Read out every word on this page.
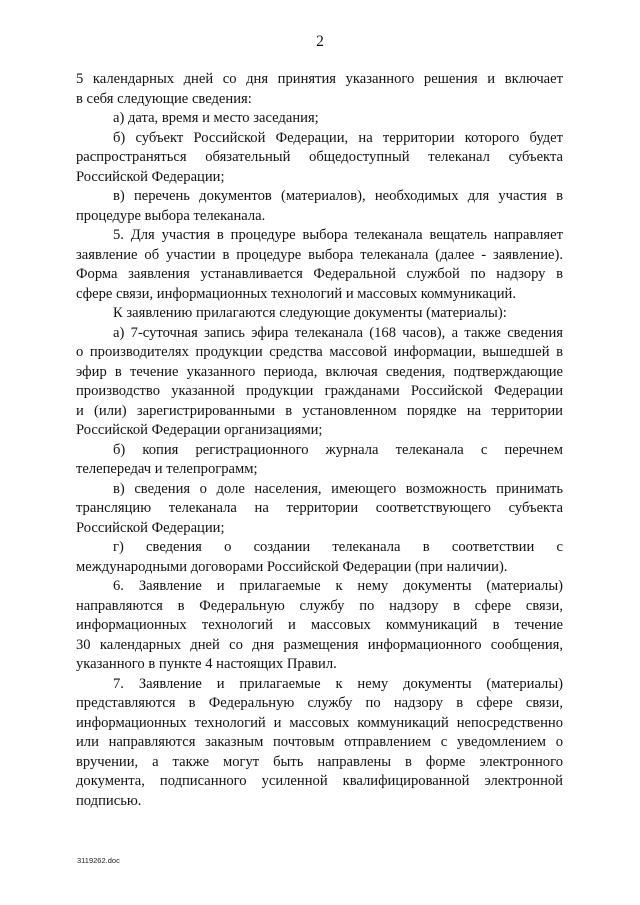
2
5 календарных дней со дня принятия указанного решения и включает
в себя следующие сведения:
а) дата, время и место заседания;
б) субъект Российской Федерации, на территории которого будет
распространяться обязательный общедоступный телеканал субъекта
Российской Федерации;
в) перечень документов (материалов), необходимых для участия в
процедуре выбора телеканала.
5. Для участия в процедуре выбора телеканала вещатель направляет
заявление об участии в процедуре выбора телеканала (далее - заявление).
Форма заявления устанавливается Федеральной службой по надзору в
сфере связи, информационных технологий и массовых коммуникаций.
К заявлению прилагаются следующие документы (материалы):
а) 7-суточная запись эфира телеканала (168 часов), а также сведения
о производителях продукции средства массовой информации, вышедшей в
эфир в течение указанного периода, включая сведения, подтверждающие
производство указанной продукции гражданами Российской Федерации
и (или) зарегистрированными в установленном порядке на территории
Российской Федерации организациями;
б) копия регистрационного журнала телеканала с перечнем
телепередач и телепрограмм;
в) сведения о доле населения, имеющего возможность принимать
трансляцию телеканала на территории соответствующего субъекта
Российской Федерации;
г) сведения о создании телеканала в соответствии с
международными договорами Российской Федерации (при наличии).
6. Заявление и прилагаемые к нему документы (материалы)
направляются в Федеральную службу по надзору в сфере связи,
информационных технологий и массовых коммуникаций в течение
30 календарных дней со дня размещения информационного сообщения,
указанного в пункте 4 настоящих Правил.
7. Заявление и прилагаемые к нему документы (материалы)
представляются в Федеральную службу по надзору в сфере связи,
информационных технологий и массовых коммуникаций непосредственно
или направляются заказным почтовым отправлением с уведомлением о
вручении, а также могут быть направлены в форме электронного
документа, подписанного усиленной квалифицированной электронной
подписью.
3119262.doc
